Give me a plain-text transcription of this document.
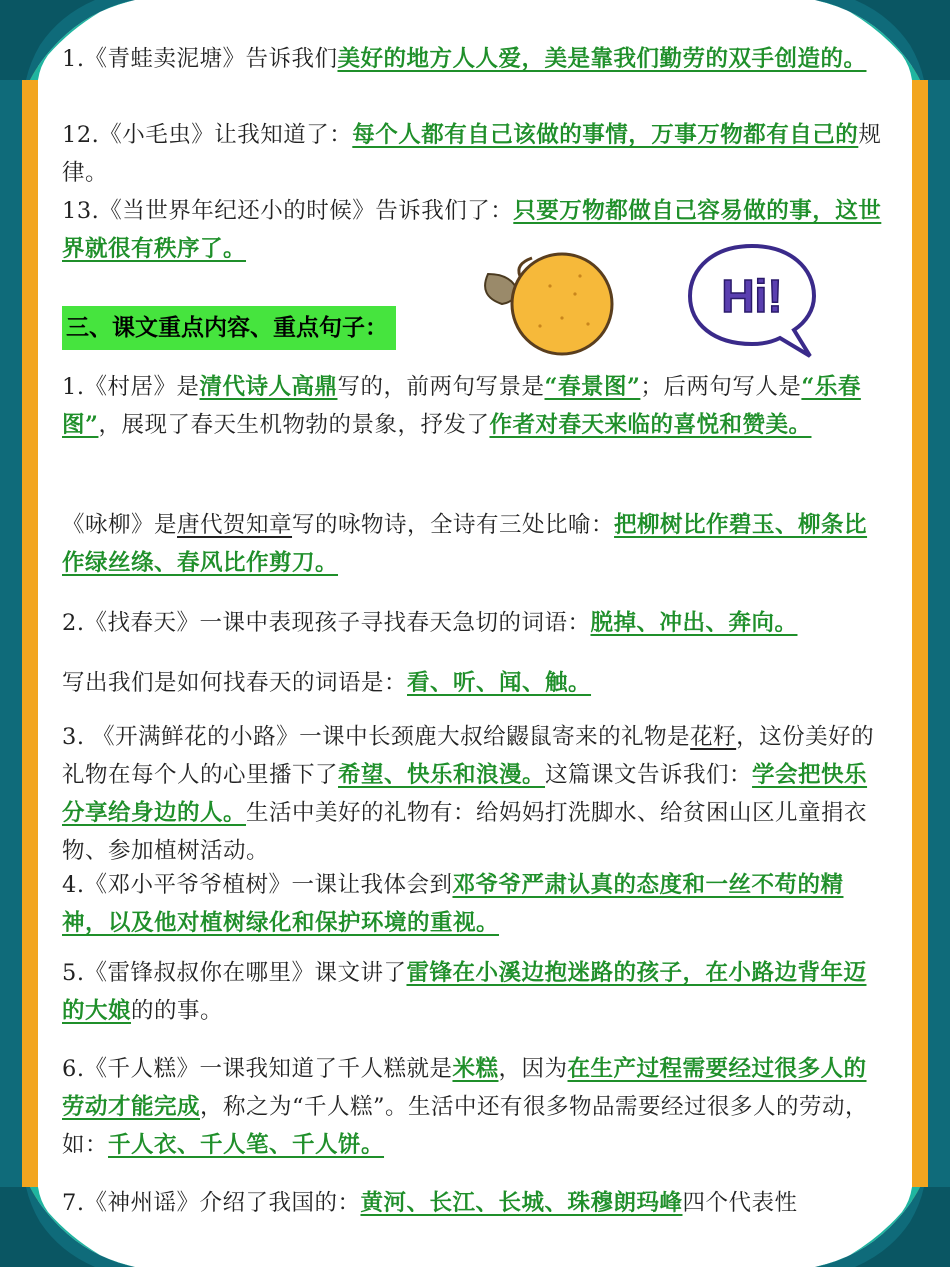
Hi!
1.《青蛙卖泥塘》告诉我们美好的地方人人爱，美是靠我们勤劳的双手创造的。
12.《小毛虫》让我知道了：每个人都有自己该做的事情，万事万物都有自己的规律。
13.《当世界年纪还小的时候》告诉我们了：只要万物都做自己容易做的事，这世界就很有秩序了。
三、课文重点内容、重点句子：
1.《村居》是清代诗人高鼎写的，前两句写景是“春景图”；后两句写人是“乐春图”，展现了春天生机物勃的景象，抒发了作者对春天来临的喜悦和赞美。
《咏柳》是唐代贺知章写的咏物诗，全诗有三处比喻：把柳树比作碧玉、柳条比作绿丝绦、春风比作剪刀。
2.《找春天》一课中表现孩子寻找春天急切的词语：脱掉、冲出、奔向。
写出我们是如何找春天的词语是：看、听、闻、触。
3. 《开满鲜花的小路》一课中长颈鹿大叔给鼹鼠寄来的礼物是花籽，这份美好的礼物在每个人的心里播下了希望、快乐和浪漫。这篇课文告诉我们：学会把快乐分享给身边的人。生活中美好的礼物有：给妈妈打洗脚水、给贫困山区儿童捐衣物、参加植树活动。
4.《邓小平爷爷植树》一课让我体会到邓爷爷严肃认真的态度和一丝不苟的精神，以及他对植树绿化和保护环境的重视。
5.《雷锋叔叔你在哪里》课文讲了雷锋在小溪边抱迷路的孩子，在小路边背年迈的大娘的的事。
6.《千人糕》一课我知道了千人糕就是米糕，因为在生产过程需要经过很多人的劳动才能完成，称之为“千人糕”。生活中还有很多物品需要经过很多人的劳动，如：千人衣、千人笔、千人饼。
7.《神州谣》介绍了我国的：黄河、长江、长城、珠穆朗玛峰四个代表性
